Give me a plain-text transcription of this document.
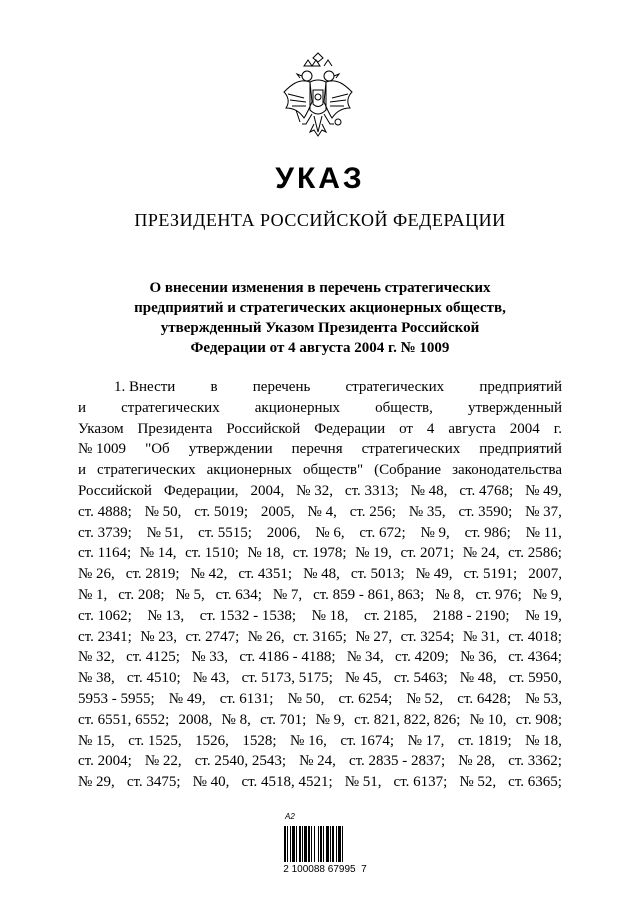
УКАЗ
ПРЕЗИДЕНТА РОССИЙСКОЙ ФЕДЕРАЦИИ
О внесении изменения в перечень стратегических
предприятий и стратегических акционерных обществ,
утвержденный Указом Президента Российской
Федерации от 4 августа 2004 г. № 1009
1. Внести в перечень стратегических предприятий
и стратегических акционерных обществ, утвержденный
Указом Президента Российской Федерации от 4 августа 2004 г.
№ 1009 "Об утверждении перечня стратегических предприятий
и стратегических акционерных обществ" (Собрание законодательства
Российской Федерации, 2004, № 32, ст. 3313; № 48, ст. 4768; № 49,
ст. 4888; № 50, ст. 5019; 2005, № 4, ст. 256; № 35, ст. 3590; № 37,
ст. 3739; № 51, ст. 5515; 2006, № 6, ст. 672; № 9, ст. 986; № 11,
ст. 1164; № 14, ст. 1510; № 18, ст. 1978; № 19, ст. 2071; № 24, ст. 2586;
№ 26, ст. 2819; № 42, ст. 4351; № 48, ст. 5013; № 49, ст. 5191; 2007,
№ 1, ст. 208; № 5, ст. 634; № 7, ст. 859 - 861, 863; № 8, ст. 976; № 9,
ст. 1062; № 13, ст. 1532 - 1538; № 18, ст. 2185, 2188 - 2190; № 19,
ст. 2341; № 23, ст. 2747; № 26, ст. 3165; № 27, ст. 3254; № 31, ст. 4018;
№ 32, ст. 4125; № 33, ст. 4186 - 4188; № 34, ст. 4209; № 36, ст. 4364;
№ 38, ст. 4510; № 43, ст. 5173, 5175; № 45, ст. 5463; № 48, ст. 5950,
5953 - 5955; № 49, ст. 6131; № 50, ст. 6254; № 52, ст. 6428; № 53,
ст. 6551, 6552; 2008, № 8, ст. 701; № 9, ст. 821, 822, 826; № 10, ст. 908;
№ 15, ст. 1525, 1526, 1528; № 16, ст. 1674; № 17, ст. 1819; № 18,
ст. 2004; № 22, ст. 2540, 2543; № 24, ст. 2835 - 2837; № 28, ст. 3362;
№ 29, ст. 3475; № 40, ст. 4518, 4521; № 51, ст. 6137; № 52, ст. 6365;
А2
2 100088 67995  7
